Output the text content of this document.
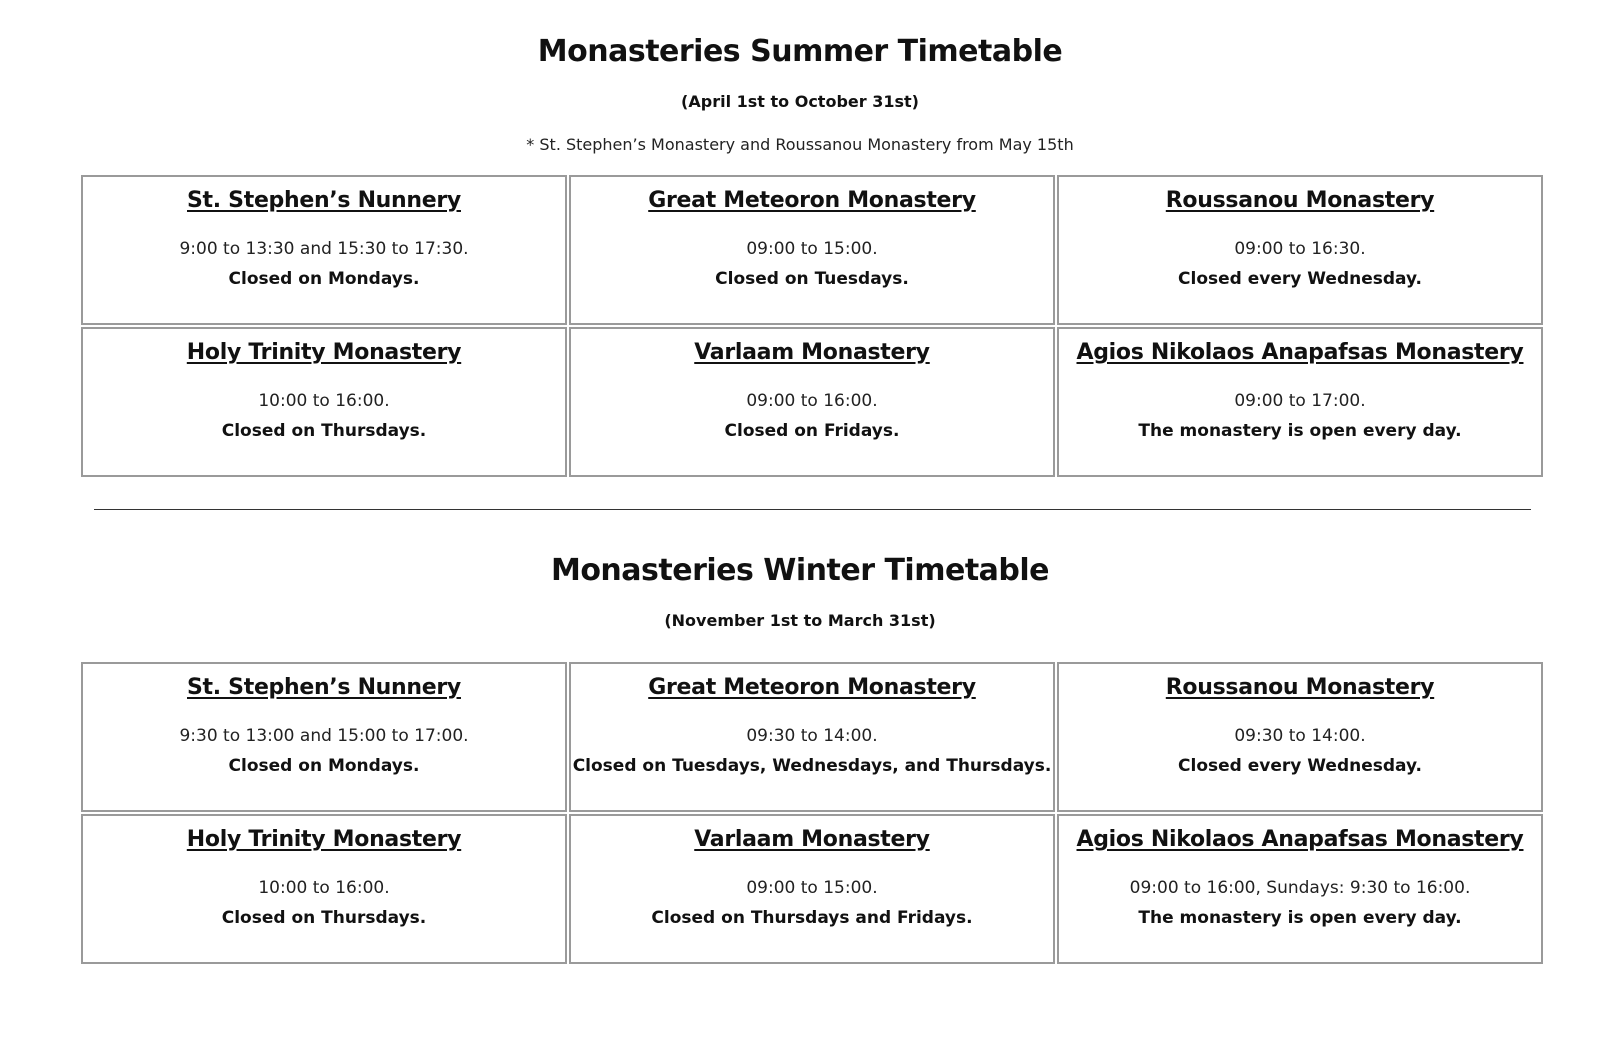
Monasteries Summer Timetable

(April 1st to October 31st)

* St. Stephen’s Monastery and Roussanou Monastery from May 15th

St. Stephen’s Nunnery
9:00 to 13:30 and 15:30 to 17:30.
Closed on Mondays.
Great Meteoron Monastery
09:00 to 15:00.
Closed on Tuesdays.
Roussanou Monastery
09:00 to 16:30.
Closed every Wednesday.
Holy Trinity Monastery
10:00 to 16:00.
Closed on Thursdays.
Varlaam Monastery
09:00 to 16:00.
Closed on Fridays.
Agios Nikolaos Anapafsas Monastery
09:00 to 17:00.
The monastery is open every day.
Monasteries Winter Timetable

(November 1st to March 31st)

St. Stephen’s Nunnery
9:30 to 13:00 and 15:00 to 17:00.
Closed on Mondays.
Great Meteoron Monastery
09:30 to 14:00.
Closed on Tuesdays, Wednesdays, and Thursdays.
Roussanou Monastery
09:30 to 14:00.
Closed every Wednesday.
Holy Trinity Monastery
10:00 to 16:00.
Closed on Thursdays.
Varlaam Monastery
09:00 to 15:00.
Closed on Thursdays and Fridays.
Agios Nikolaos Anapafsas Monastery
09:00 to 16:00, Sundays: 9:30 to 16:00.
The monastery is open every day.
